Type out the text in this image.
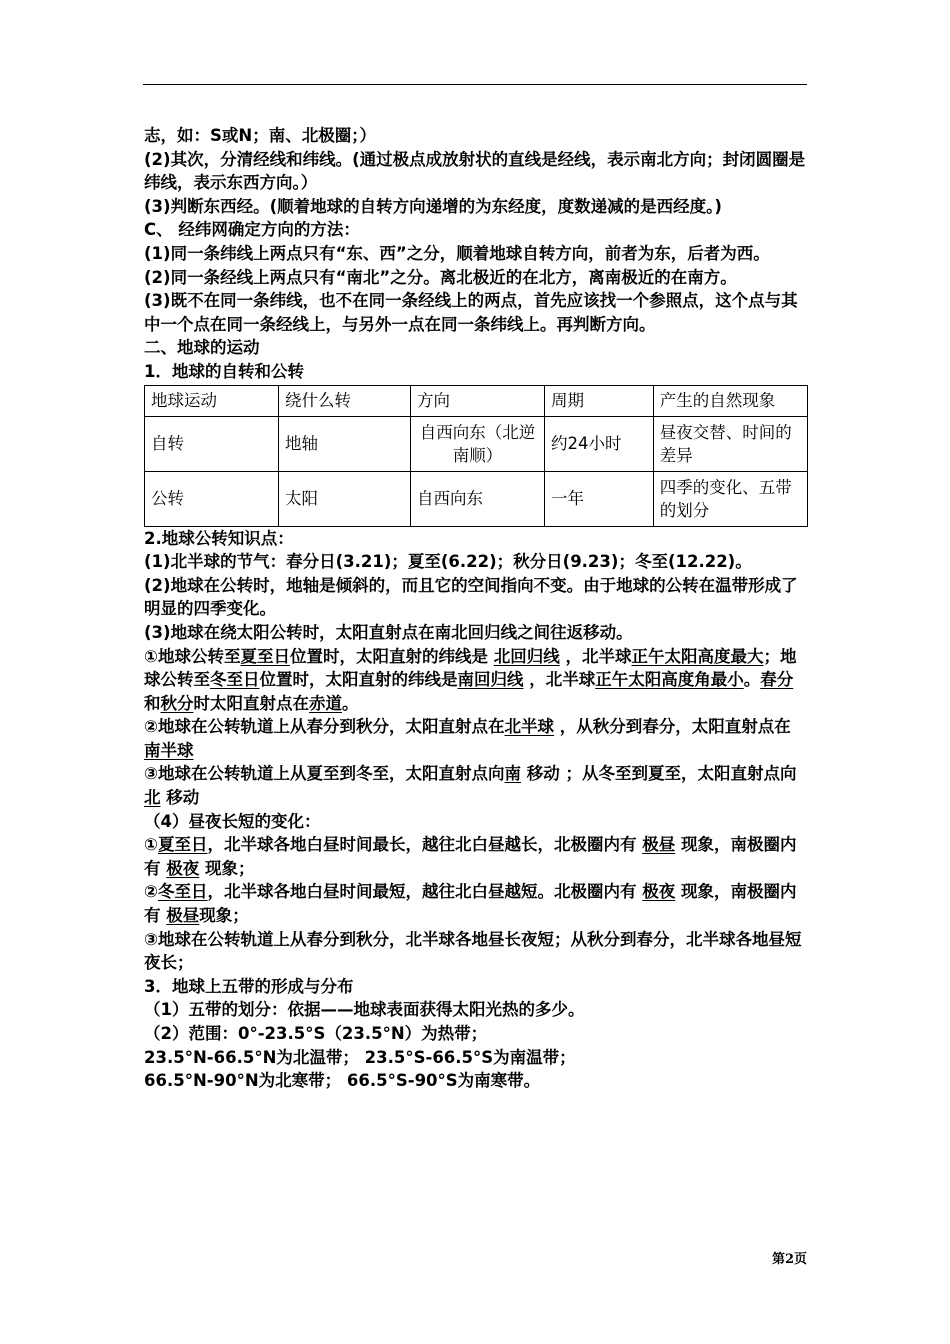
志，如：S或N；南、北极圈；）

(2)其次，分清经线和纬线。(通过极点成放射状的直线是经线，表示南北方向；封闭圆圈是纬线，表示东西方向。）

(3)判断东西经。(顺着地球的自转方向递增的为东经度，度数递减的是西经度。)

C、 经纬网确定方向的方法：

(1)同一条纬线上两点只有“东、西”之分，顺着地球自转方向，前者为东，后者为西。

(2)同一条经线上两点只有“南北”之分。离北极近的在北方，离南极近的在南方。

(3)既不在同一条纬线，也不在同一条经线上的两点，首先应该找一个参照点，这个点与其中一个点在同一条经线上，与另外一点在同一条纬线上。再判断方向。

二、地球的运动

1．地球的自转和公转

地球运动	绕什么转	方向	周期	产生的自然现象
自转	地轴	自西向东（北逆南顺）	约24小时	昼夜交替、时间的差异
公转	太阳	自西向东	一年	四季的变化、五带的划分

2.地球公转知识点：

(1)北半球的节气：春分日(3.21)；夏至(6.22)；秋分日(9.23)；冬至(12.22)。

(2)地球在公转时，地轴是倾斜的，而且它的空间指向不变。由于地球的公转在温带形成了明显的四季变化。

(3)地球在绕太阳公转时，太阳直射点在南北回归线之间往返移动。

①地球公转至夏至日位置时，太阳直射的纬线是 北回归线 ，北半球正午太阳高度最大；地球公转至冬至日位置时，太阳直射的纬线是南回归线 ，北半球正午太阳高度角最小。春分和秋分时太阳直射点在赤道。

②地球在公转轨道上从春分到秋分，太阳直射点在北半球 ，从秋分到春分，太阳直射点在 南半球

③地球在公转轨道上从夏至到冬至，太阳直射点向南 移动 ；从冬至到夏至，太阳直射点向北 移动

（4）昼夜长短的变化：

①夏至日，北半球各地白昼时间最长，越往北白昼越长，北极圈内有 极昼 现象，南极圈内有 极夜 现象；

②冬至日，北半球各地白昼时间最短，越往北白昼越短。北极圈内有 极夜 现象，南极圈内有 极昼现象；

③地球在公转轨道上从春分到秋分，北半球各地昼长夜短；从秋分到春分，北半球各地昼短夜长；

3．地球上五带的形成与分布

（1）五带的划分：依据——地球表面获得太阳光热的多少。

（2）范围：0°-23.5°S（23.5°N）为热带；

23.5°N-66.5°N为北温带； 23.5°S-66.5°S为南温带；

66.5°N-90°N为北寒带； 66.5°S-90°S为南寒带。

第2页
